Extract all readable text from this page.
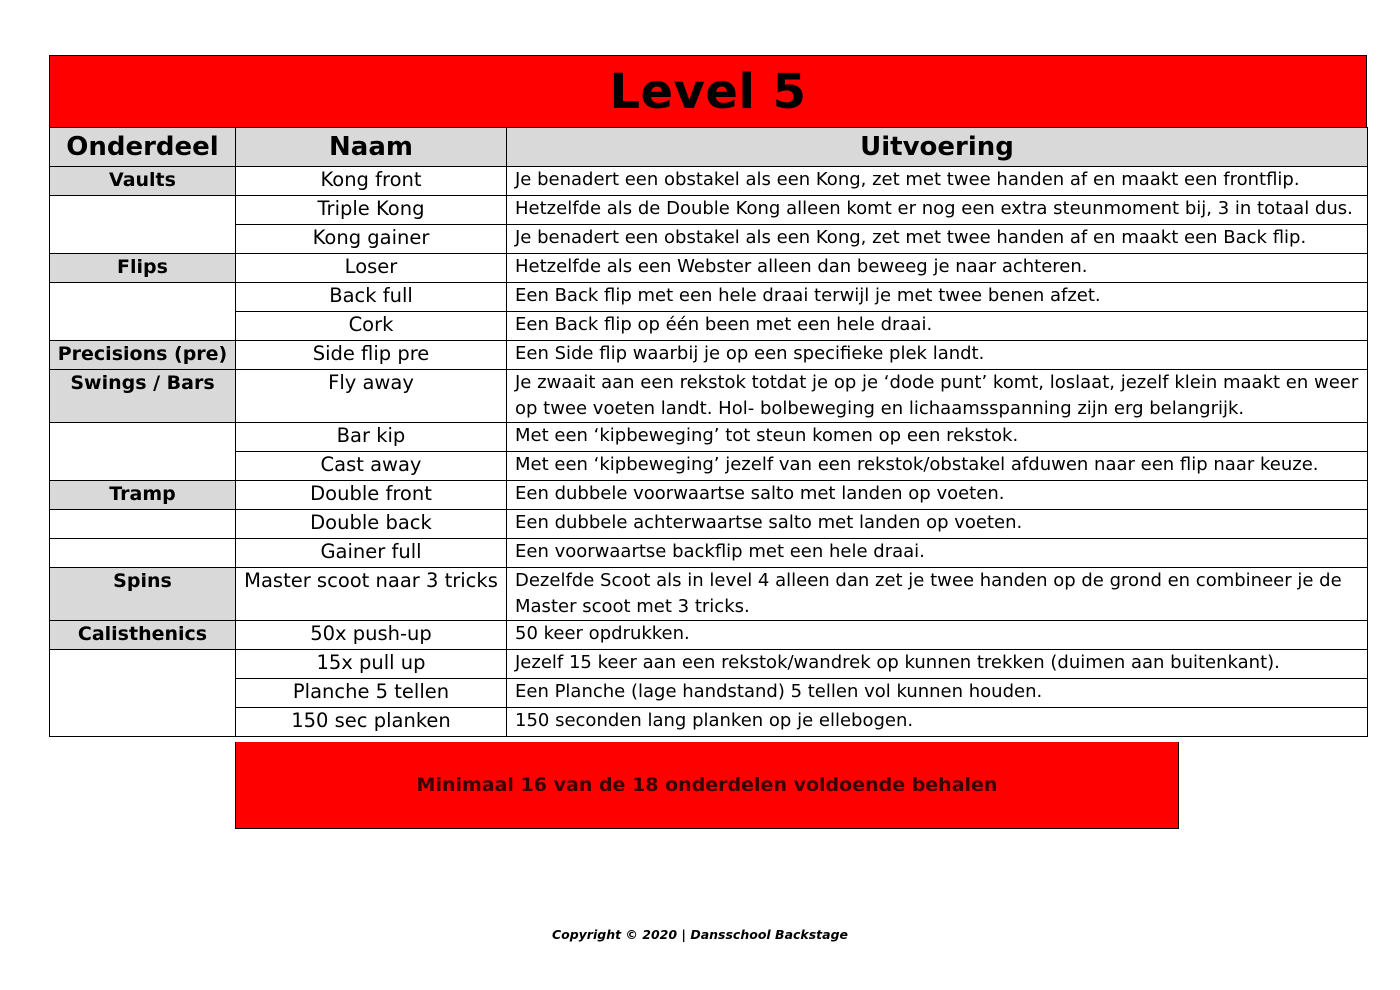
Level 5
Onderdeel	Naam	Uitvoering
Vaults	Kong front	Je benadert een obstakel als een Kong, zet met twee handen af en maakt een frontflip.
	Triple Kong	Hetzelfde als de Double Kong alleen komt er nog een extra steunmoment bij, 3 in totaal dus.
	Kong gainer	Je benadert een obstakel als een Kong, zet met twee handen af en maakt een Back flip.
Flips	Loser	Hetzelfde als een Webster alleen dan beweeg je naar achteren.
	Back full	Een Back flip met een hele draai terwijl je met twee benen afzet.
	Cork	Een Back flip op één been met een hele draai.
Precisions (pre)	Side flip pre	Een Side flip waarbij je op een specifieke plek landt.
Swings / Bars	Fly away	Je zwaait aan een rekstok totdat je op je ‘dode punt’ komt, loslaat, jezelf klein maakt en weer op twee voeten landt. Hol- bolbeweging en lichaamsspanning zijn erg belangrijk.
	Bar kip	Met een ‘kipbeweging’ tot steun komen op een rekstok.
	Cast away	Met een ‘kipbeweging’ jezelf van een rekstok/obstakel afduwen naar een flip naar keuze.
Tramp	Double front	Een dubbele voorwaartse salto met landen op voeten.
	Double back	Een dubbele achterwaartse salto met landen op voeten.
	Gainer full	Een voorwaartse backflip met een hele draai.
Spins	Master scoot naar 3 tricks	Dezelfde Scoot als in level 4 alleen dan zet je twee handen op de grond en combineer je de Master scoot met 3 tricks.
Calisthenics	50x push-up	50 keer opdrukken.
	15x pull up	Jezelf 15 keer aan een rekstok/wandrek op kunnen trekken (duimen aan buitenkant).
	Planche 5 tellen	Een Planche (lage handstand) 5 tellen vol kunnen houden.
	150 sec planken	150 seconden lang planken op je ellebogen.
Minimaal 16 van de 18 onderdelen voldoende behalen
Copyright © 2020 | Dansschool Backstage
